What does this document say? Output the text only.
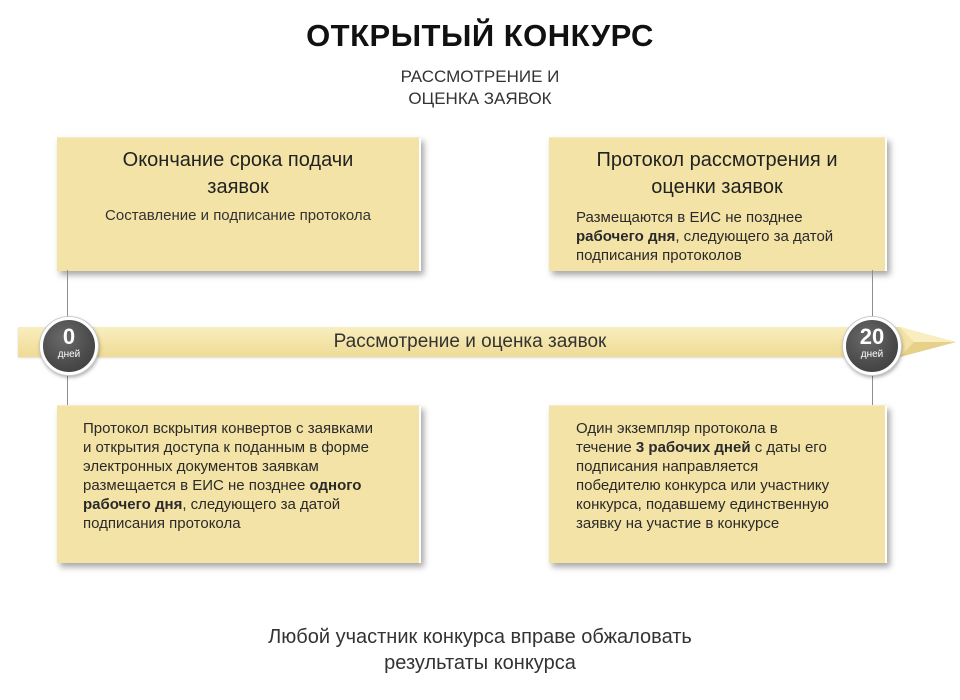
ОТКРЫТЫЙ КОНКУРС
РАССМОТРЕНИЕ И
ОЦЕНКА ЗАЯВОК
Окончание срока подачи
заявок
Составление и подписание протокола
Протокол рассмотрения и
оценки заявок
Размещаются в ЕИС не позднее
рабочего дня, следующего за датой
подписания протоколов
Рассмотрение и оценка заявок
0
дней
20
дней
Протокол вскрытия конвертов с заявками
и открытия доступа к поданным в форме
электронных документов заявкам
размещается в ЕИС не позднее одного
рабочего дня, следующего за датой
подписания протокола
Один экземпляр протокола в
течение 3 рабочих дней с даты его
подписания направляется
победителю конкурса или участнику
конкурса, подавшему единственную
заявку на участие в конкурсе
Любой участник конкурса вправе обжаловать
результаты конкурса
